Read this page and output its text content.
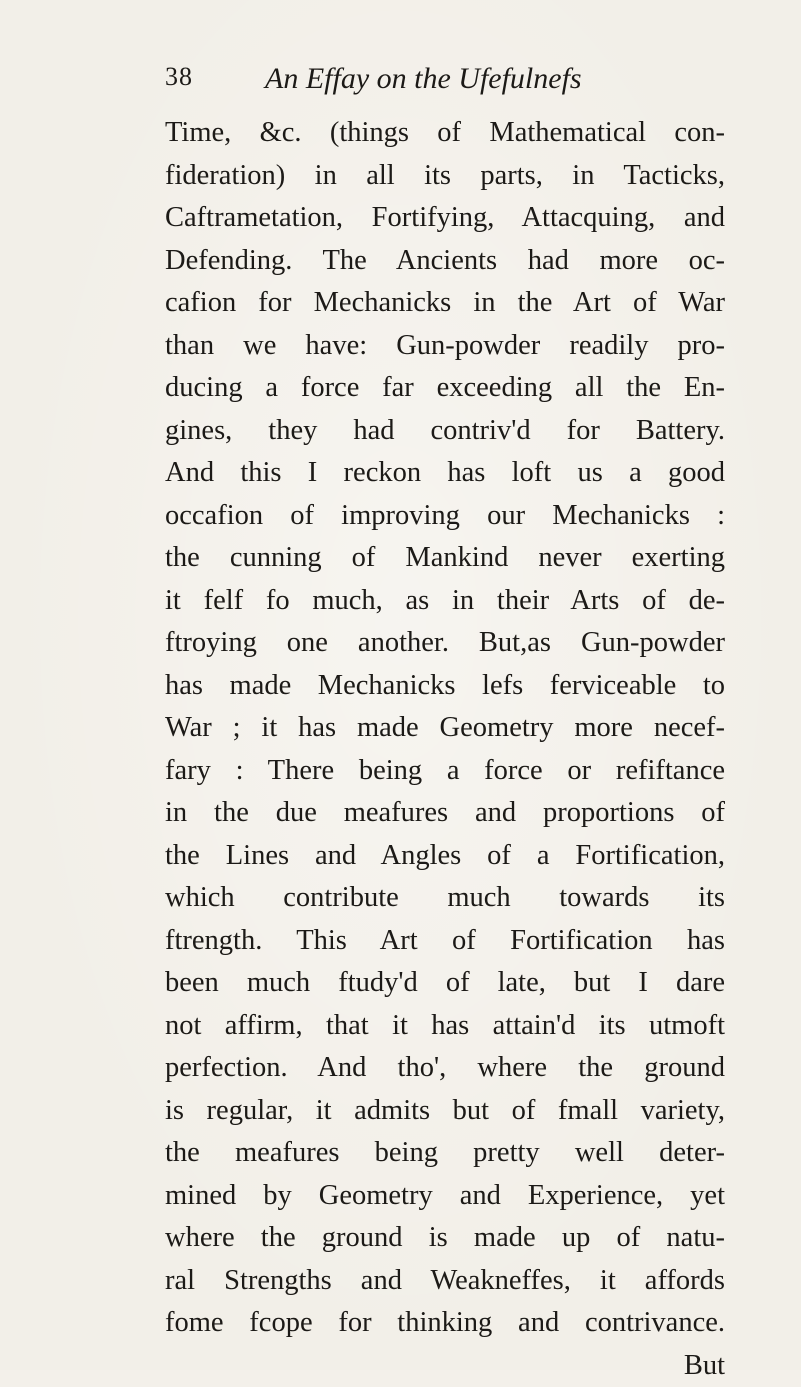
38 An Effay on the Ufefulnefs
Time, &c. (things of Mathematical con-
fideration) in all its parts, in Tacticks,
Caftrametation, Fortifying, Attacquing, and
Defending. The Ancients had more oc-
cafion for Mechanicks in the Art of War
than we have: Gun-powder readily pro-
ducing a force far exceeding all the En-
gines, they had contriv'd for Battery.
And this I reckon has loft us a good
occafion of improving our Mechanicks :
the cunning of Mankind never exerting
it felf fo much, as in their Arts of de-
ftroying one another. But,as Gun-powder
has made Mechanicks lefs ferviceable to
War ; it has made Geometry more necef-
fary : There being a force or refiftance
in the due meafures and proportions of
the Lines and Angles of a Fortification,
which contribute much towards its
ftrength. This Art of Fortification has
been much ftudy'd of late, but I dare
not affirm, that it has attain'd its utmoft
perfection. And tho', where the ground
is regular, it admits but of fmall variety,
the meafures being pretty well deter-
mined by Geometry and Experience, yet
where the ground is made up of natu-
ral Strengths and Weakneffes, it affords
fome fcope for thinking and contrivance.
But
